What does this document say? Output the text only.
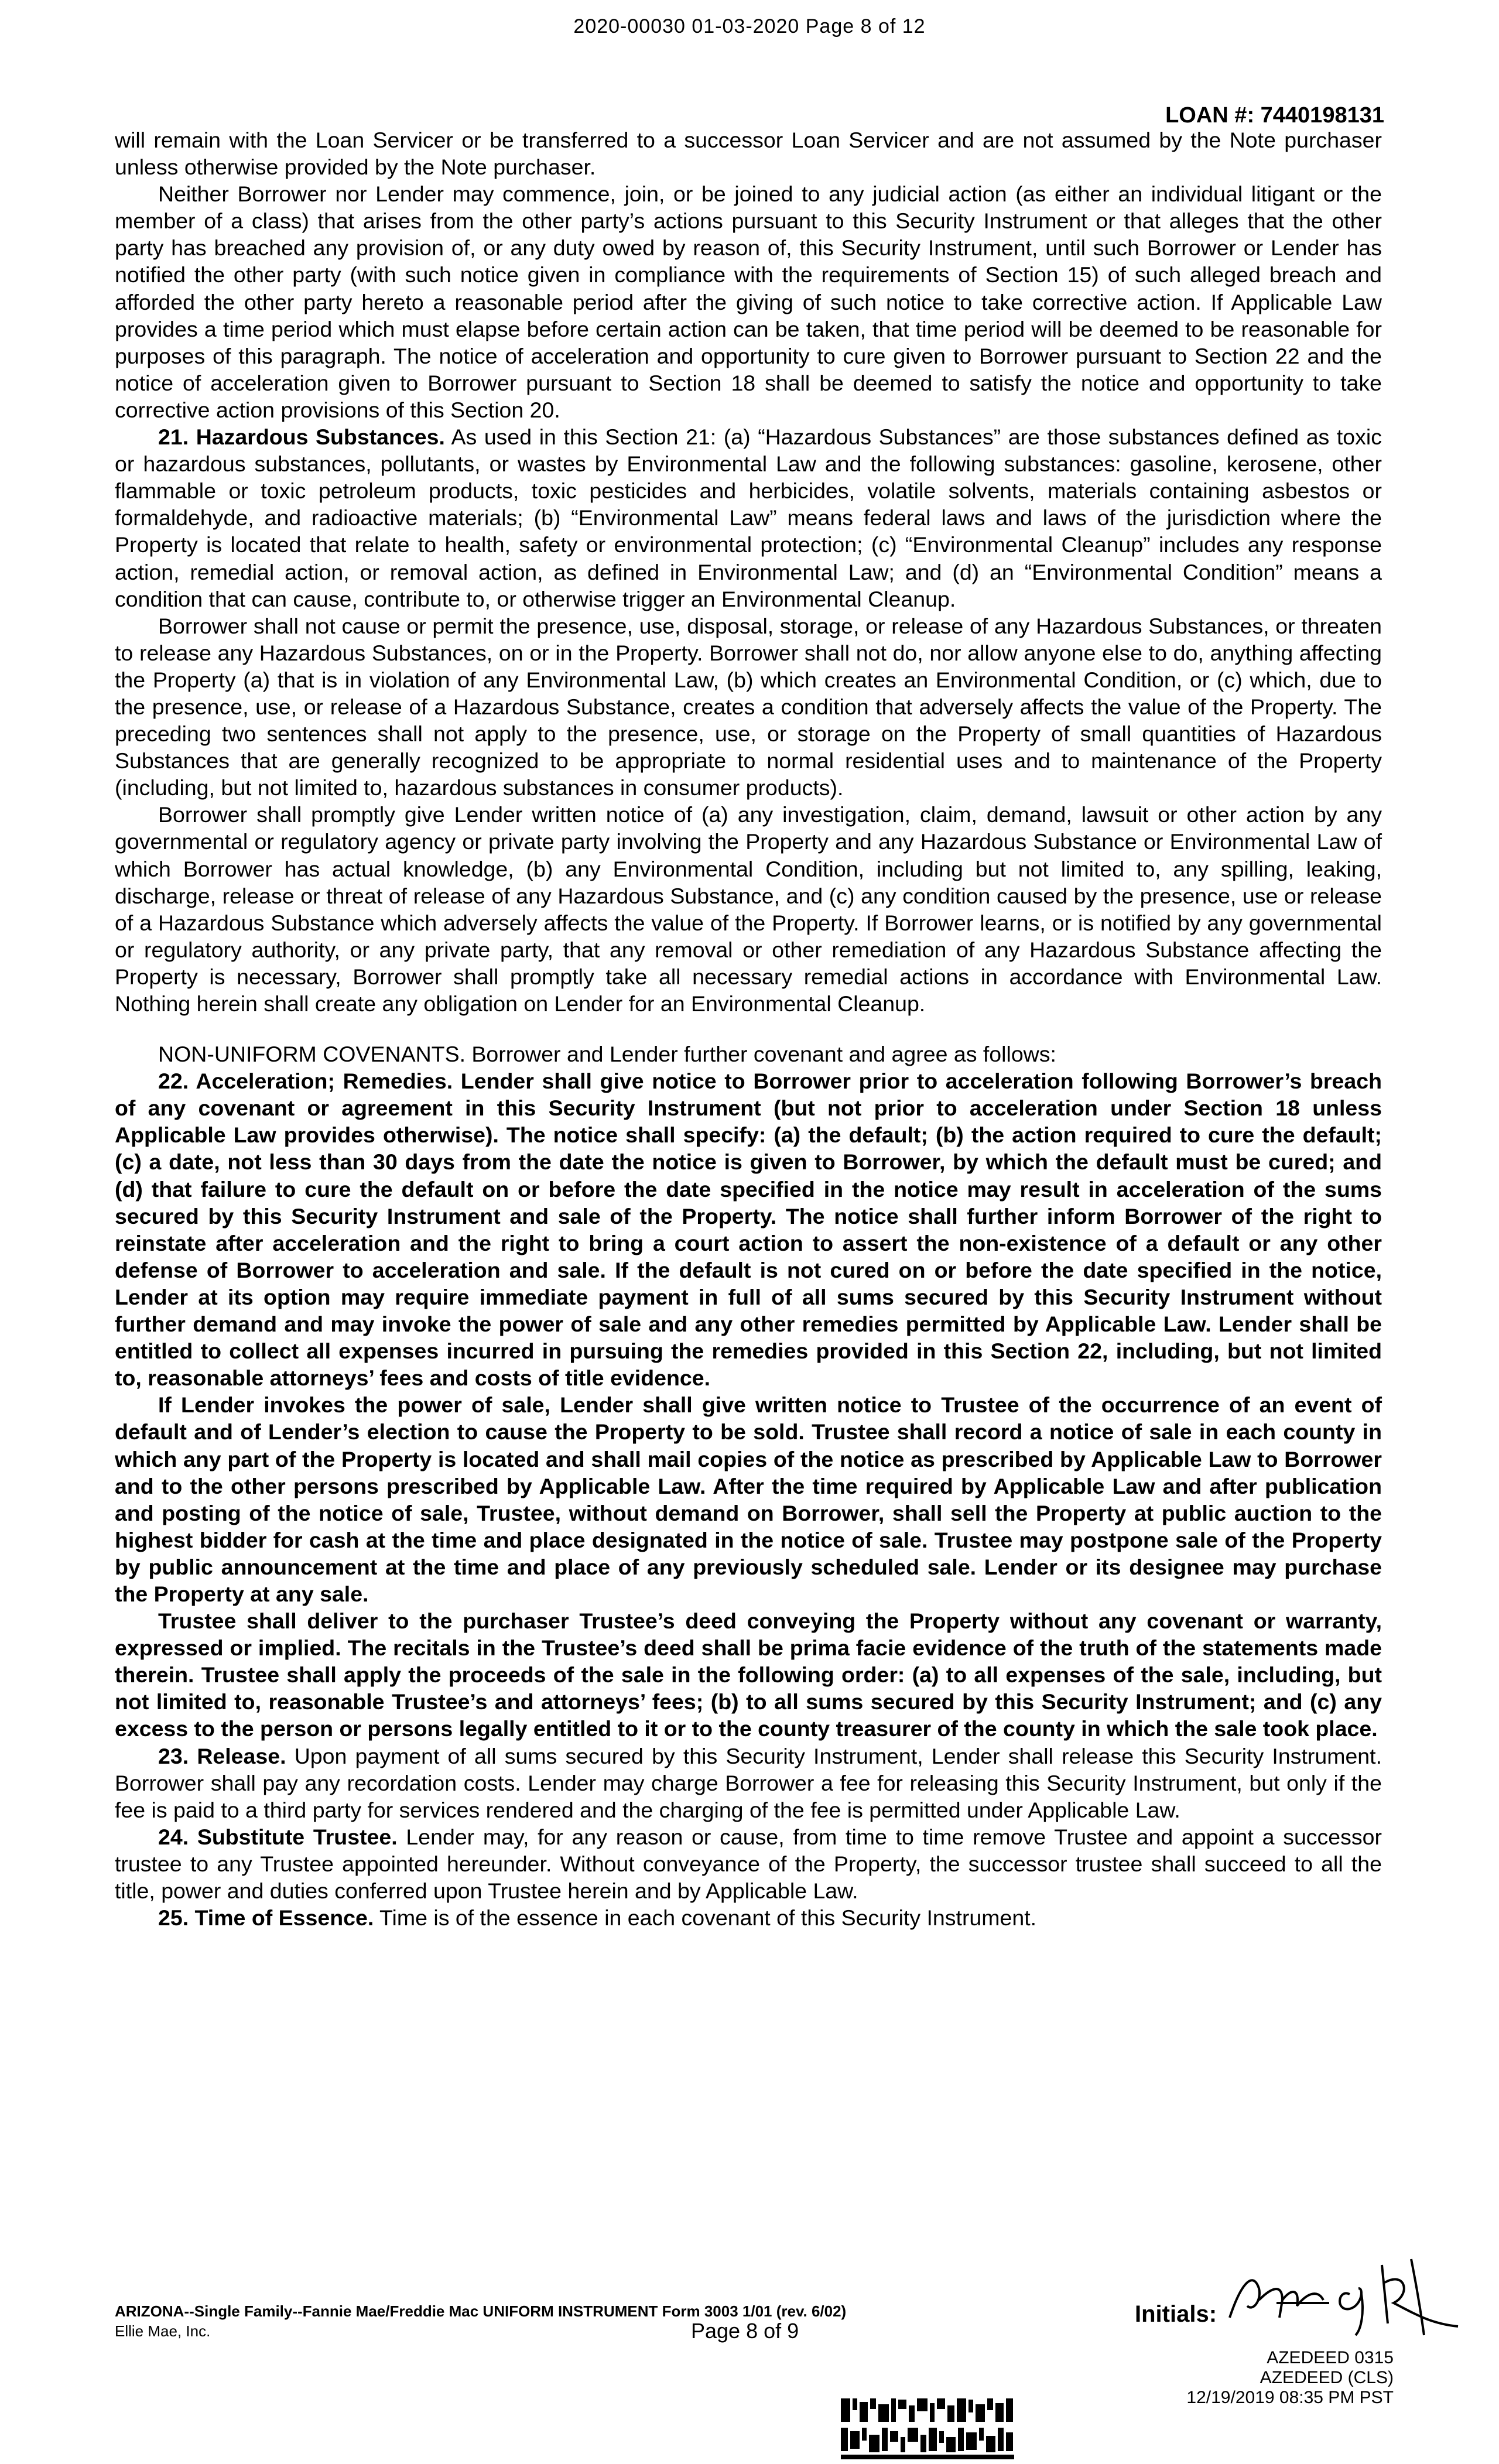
2020-00030 01-03-2020 Page 8 of 12
LOAN #: 7440198131

will remain with the Loan Servicer or be transferred to a successor Loan Servicer and are not assumed by the Note purchaser unless otherwise provided by the Note purchaser.

Neither Borrower nor Lender may commence, join, or be joined to any judicial action (as either an individual litigant or the member of a class) that arises from the other party’s actions pursuant to this Security Instrument or that alleges that the other party has breached any provision of, or any duty owed by reason of, this Security Instrument, until such Borrower or Lender has notified the other party (with such notice given in compliance with the requirements of Section 15) of such alleged breach and afforded the other party hereto a reasonable period after the giving of such notice to take corrective action. If Applicable Law provides a time period which must elapse before certain action can be taken, that time period will be deemed to be reasonable for purposes of this paragraph. The notice of acceleration and opportunity to cure given to Borrower pursuant to Section 22 and the notice of acceleration given to Borrower pursuant to Section 18 shall be deemed to satisfy the notice and opportunity to take corrective action provisions of this Section 20.

21. Hazardous Substances. As used in this Section 21: (a) “Hazardous Substances” are those substances defined as toxic or hazardous substances, pollutants, or wastes by Environmental Law and the following substances: gasoline, kerosene, other flammable or toxic petroleum products, toxic pesticides and herbicides, volatile solvents, materials containing asbestos or formaldehyde, and radioactive materials; (b) “Environmental Law” means federal laws and laws of the jurisdiction where the Property is located that relate to health, safety or environmental protection; (c) “Environmental Cleanup” includes any response action, remedial action, or removal action, as defined in Environmental Law; and (d) an “Environmental Condition” means a condition that can cause, contribute to, or otherwise trigger an Environmental Cleanup.

Borrower shall not cause or permit the presence, use, disposal, storage, or release of any Hazardous Substances, or threaten to release any Hazardous Substances, on or in the Property. Borrower shall not do, nor allow anyone else to do, anything affecting the Property (a) that is in violation of any Environmental Law, (b) which creates an Environmental Condition, or (c) which, due to the presence, use, or release of a Hazardous Substance, creates a condition that adversely affects the value of the Property. The preceding two sentences shall not apply to the presence, use, or storage on the Property of small quantities of Hazardous Substances that are generally recognized to be appropriate to normal residential uses and to maintenance of the Property (including, but not limited to, hazardous substances in consumer products).

Borrower shall promptly give Lender written notice of (a) any investigation, claim, demand, lawsuit or other action by any governmental or regulatory agency or private party involving the Property and any Hazardous Substance or Environmental Law of which Borrower has actual knowledge, (b) any Environmental Condition, including but not limited to, any spilling, leaking, discharge, release or threat of release of any Hazardous Substance, and (c) any condition caused by the presence, use or release of a Hazardous Substance which adversely affects the value of the Property. If Borrower learns, or is notified by any governmental or regulatory authority, or any private party, that any removal or other remediation of any Hazardous Substance affecting the Property is necessary, Borrower shall promptly take all necessary remedial actions in accordance with Environmental Law. Nothing herein shall create any obligation on Lender for an Environmental Cleanup.

NON-UNIFORM COVENANTS. Borrower and Lender further covenant and agree as follows:

22. Acceleration; Remedies. Lender shall give notice to Borrower prior to acceleration following Borrower’s breach of any covenant or agreement in this Security Instrument (but not prior to acceleration under Section 18 unless Applicable Law provides otherwise). The notice shall specify: (a) the default; (b) the action required to cure the default; (c) a date, not less than 30 days from the date the notice is given to Borrower, by which the default must be cured; and (d) that failure to cure the default on or before the date specified in the notice may result in acceleration of the sums secured by this Security Instrument and sale of the Property. The notice shall further inform Borrower of the right to reinstate after acceleration and the right to bring a court action to assert the non-existence of a default or any other defense of Borrower to acceleration and sale. If the default is not cured on or before the date specified in the notice, Lender at its option may require immediate payment in full of all sums secured by this Security Instrument without further demand and may invoke the power of sale and any other remedies permitted by Applicable Law. Lender shall be entitled to collect all expenses incurred in pursuing the remedies provided in this Section 22, including, but not limited to, reasonable attorneys’ fees and costs of title evidence.

If Lender invokes the power of sale, Lender shall give written notice to Trustee of the occurrence of an event of default and of Lender’s election to cause the Property to be sold. Trustee shall record a notice of sale in each county in which any part of the Property is located and shall mail copies of the notice as prescribed by Applicable Law to Borrower and to the other persons prescribed by Applicable Law. After the time required by Applicable Law and after publication and posting of the notice of sale, Trustee, without demand on Borrower, shall sell the Property at public auction to the highest bidder for cash at the time and place designated in the notice of sale. Trustee may postpone sale of the Property by public announcement at the time and place of any previously scheduled sale. Lender or its designee may purchase the Property at any sale.

Trustee shall deliver to the purchaser Trustee’s deed conveying the Property without any covenant or warranty, expressed or implied. The recitals in the Trustee’s deed shall be prima facie evidence of the truth of the statements made therein. Trustee shall apply the proceeds of the sale in the following order: (a) to all expenses of the sale, including, but not limited to, reasonable Trustee’s and attorneys’ fees; (b) to all sums secured by this Security Instrument; and (c) any excess to the person or persons legally entitled to it or to the county treasurer of the county in which the sale took place.

23. Release. Upon payment of all sums secured by this Security Instrument, Lender shall release this Security Instrument. Borrower shall pay any recordation costs. Lender may charge Borrower a fee for releasing this Security Instrument, but only if the fee is paid to a third party for services rendered and the charging of the fee is permitted under Applicable Law.

24. Substitute Trustee. Lender may, for any reason or cause, from time to time remove Trustee and appoint a successor trustee to any Trustee appointed hereunder. Without conveyance of the Property, the successor trustee shall succeed to all the title, power and duties conferred upon Trustee herein and by Applicable Law.

25. Time of Essence. Time is of the essence in each covenant of this Security Instrument.

ARIZONA--Single Family--Fannie Mae/Freddie Mac UNIFORM INSTRUMENT Form 3003 1/01 (rev. 6/02)
Ellie Mae, Inc.	Page 8 of 9
Initials:
AZEDEED 0315
AZEDEED (CLS)
12/19/2019 08:35 PM PST
